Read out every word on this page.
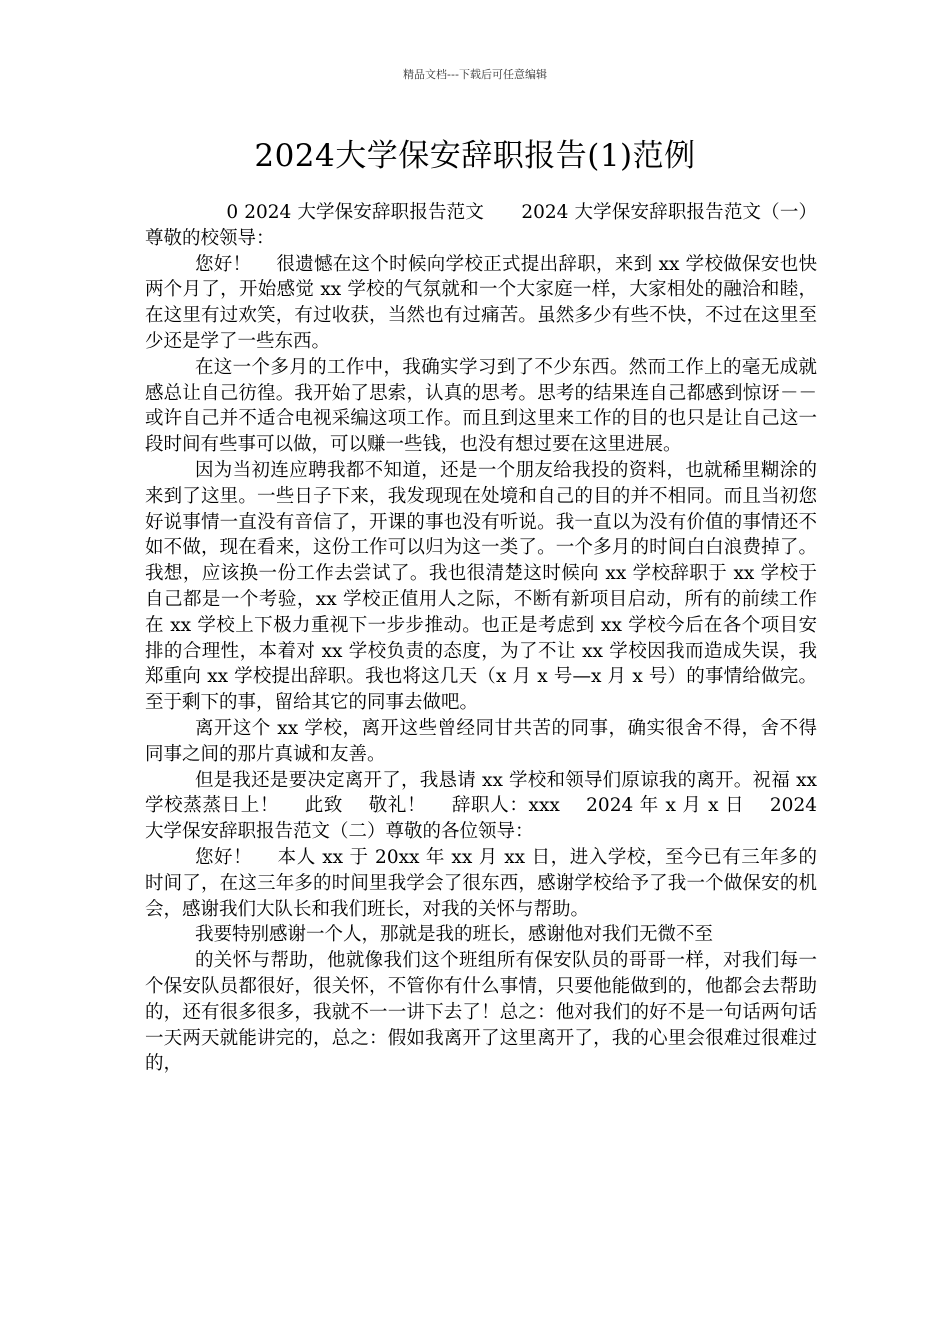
精品文档---下载后可任意编辑
2024大学保安辞职报告(1)范例

0 2024 大学保安辞职报告范文　　2024 大学保安辞职报告范文（一）尊敬的校领导：

您好！　 很遗憾在这个时候向学校正式提出辞职，来到 xx 学校做保安也快两个月了，开始感觉 xx 学校的气氛就和一个大家庭一样，大家相处的融洽和睦，在这里有过欢笑，有过收获，当然也有过痛苦。虽然多少有些不快，不过在这里至少还是学了一些东西。

在这一个多月的工作中，我确实学习到了不少东西。然而工作上的毫无成就感总让自己彷徨。我开始了思索，认真的思考。思考的结果连自己都感到惊讶－－或许自己并不适合电视采编这项工作。而且到这里来工作的目的也只是让自己这一段时间有些事可以做，可以赚一些钱，也没有想过要在这里进展。

因为当初连应聘我都不知道，还是一个朋友给我投的资料，也就稀里糊涂的来到了这里。一些日子下来，我发现现在处境和自己的目的并不相同。而且当初您好说事情一直没有音信了，开课的事也没有听说。我一直以为没有价值的事情还不如不做，现在看来，这份工作可以归为这一类了。一个多月的时间白白浪费掉了。我想，应该换一份工作去尝试了。我也很清楚这时候向 xx 学校辞职于 xx 学校于自己都是一个考验，xx 学校正值用人之际，不断有新项目启动，所有的前续工作在 xx 学校上下极力重视下一步步推动。也正是考虑到 xx 学校今后在各个项目安排的合理性，本着对 xx 学校负责的态度，为了不让 xx 学校因我而造成失误，我郑重向 xx 学校提出辞职。我也将这几天（x 月 x 号—x 月 x 号）的事情给做完。至于剩下的事，留给其它的同事去做吧。

离开这个 xx 学校，离开这些曾经同甘共苦的同事，确实很舍不得，舍不得同事之间的那片真诚和友善。

但是我还是要决定离开了，我恳请 xx 学校和领导们原谅我的离开。祝福 xx 学校蒸蒸日上！　 此致　 敬礼！　 辞职人：xxx　 2024 年 x 月 x 日　 2024 大学保安辞职报告范文（二）尊敬的各位领导：

您好！　 本人 xx 于 20xx 年 xx 月 xx 日，进入学校，至今已有三年多的时间了，在这三年多的时间里我学会了很东西，感谢学校给予了我一个做保安的机会，感谢我们大队长和我们班长，对我的关怀与帮助。

我要特别感谢一个人，那就是我的班长，感谢他对我们无微不至

的关怀与帮助，他就像我们这个班组所有保安队员的哥哥一样，对我们每一个保安队员都很好，很关怀，不管你有什么事情，只要他能做到的，他都会去帮助的，还有很多很多，我就不一一讲下去了！总之：他对我们的好不是一句话两句话一天两天就能讲完的，总之：假如我离开了这里离开了，我的心里会很难过很难过的，
